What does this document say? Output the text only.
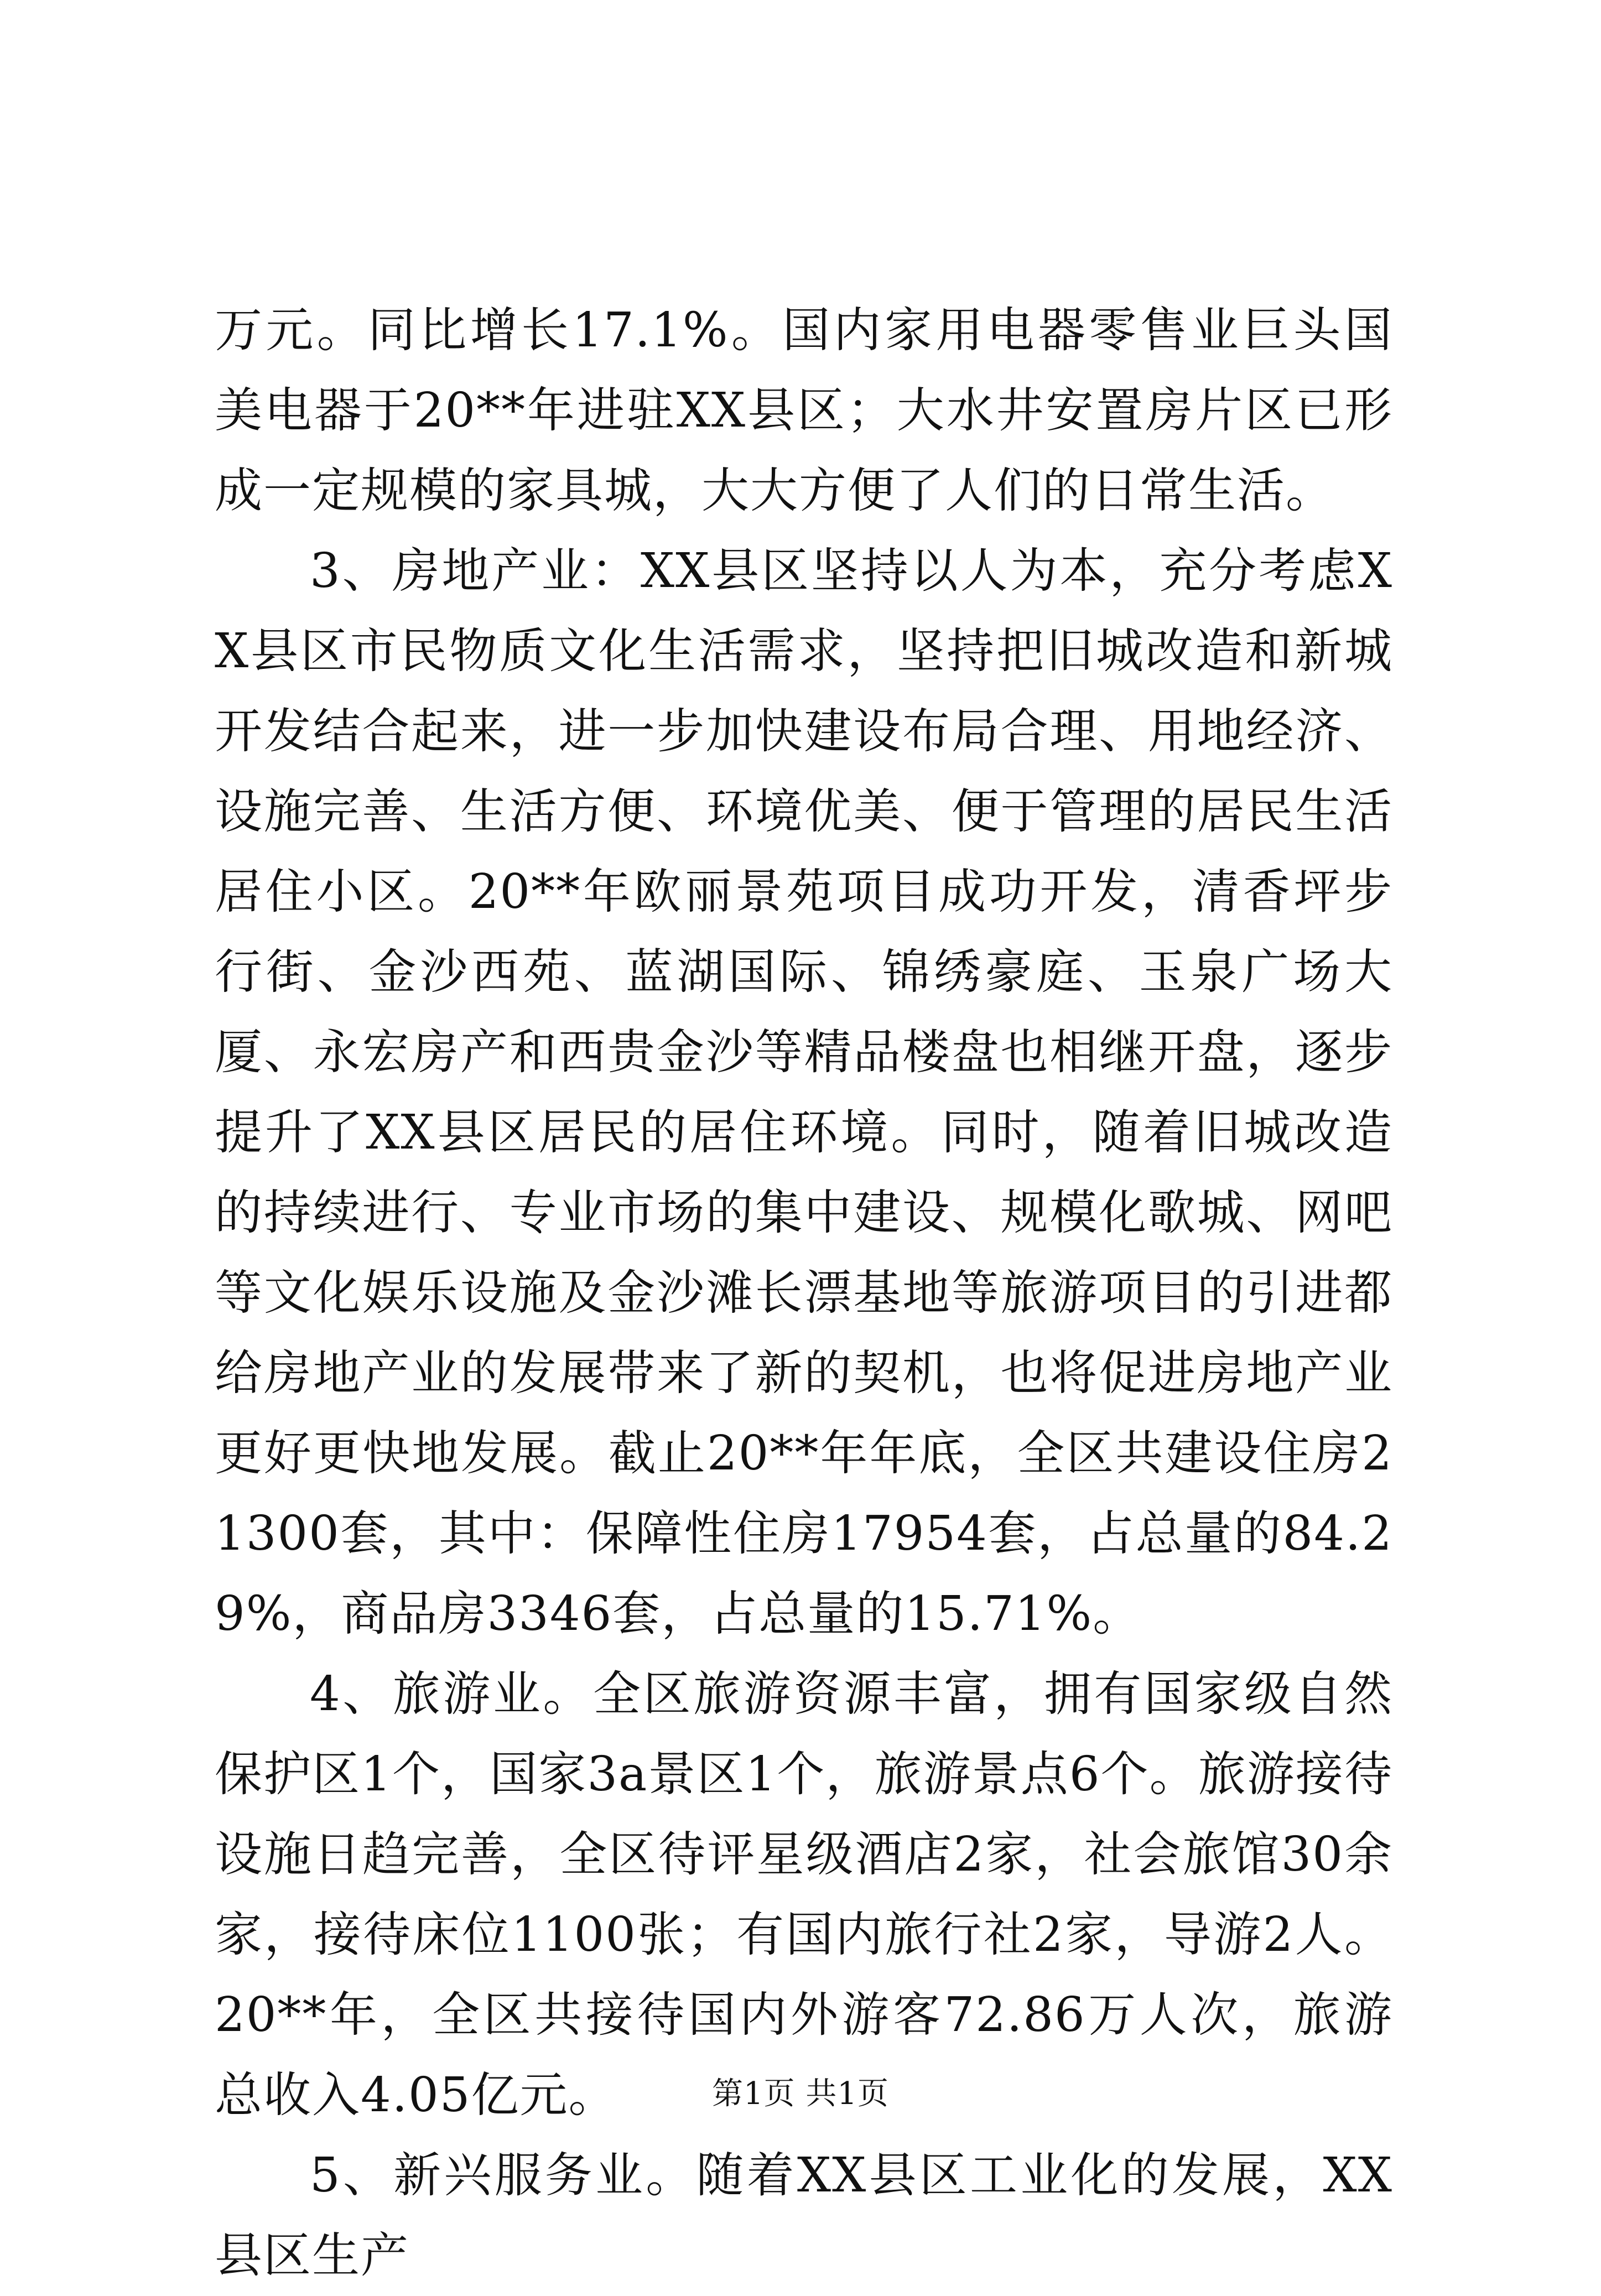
万元。同比增长17.1%。国内家用电器零售业巨头国美电器于20**年进驻XX县区；大水井安置房片区已形成一定规模的家具城，大大方便了人们的日常生活。

3、房地产业：XX县区坚持以人为本，充分考虑XX县区市民物质文化生活需求，坚持把旧城改造和新城开发结合起来，进一步加快建设布局合理、用地经济、设施完善、生活方便、环境优美、便于管理的居民生活居住小区。20**年欧丽景苑项目成功开发，清香坪步行街、金沙西苑、蓝湖国际、锦绣豪庭、玉泉广场大厦、永宏房产和西贵金沙等精品楼盘也相继开盘，逐步提升了XX县区居民的居住环境。同时，随着旧城改造的持续进行、专业市场的集中建设、规模化歌城、网吧等文化娱乐设施及金沙滩长漂基地等旅游项目的引进都给房地产业的发展带来了新的契机，也将促进房地产业更好更快地发展。截止20**年年底，全区共建设住房21300套，其中：保障性住房17954套，占总量的84.29%，商品房3346套，占总量的15.71%。

4、旅游业。全区旅游资源丰富，拥有国家级自然保护区1个，国家3a景区1个，旅游景点6个。旅游接待设施日趋完善，全区待评星级酒店2家，社会旅馆30余家，接待床位1100张；有国内旅行社2家，导游2人。20**年，全区共接待国内外游客72.86万人次，旅游总收入4.05亿元。

5、新兴服务业。随着XX县区工业化的发展，XX县区生产

第1页 共1页
